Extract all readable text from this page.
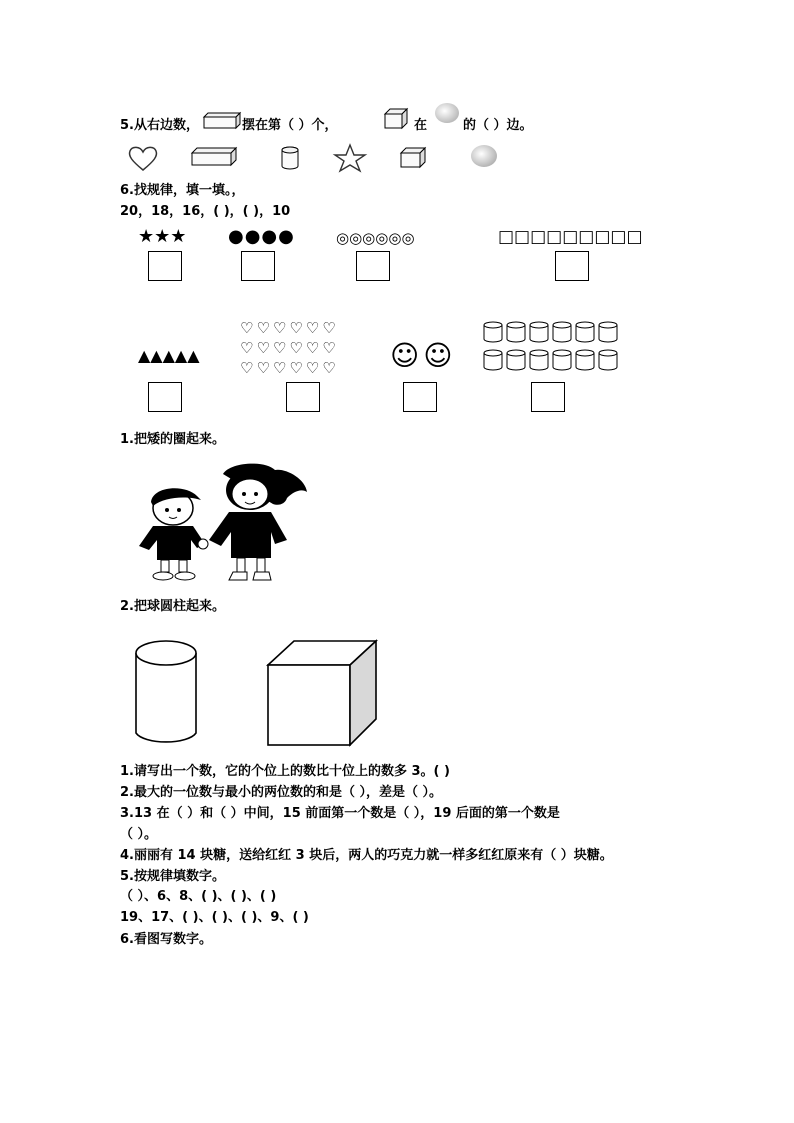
5.从右边数，	摆在第（ ）个，	在	的（ ）边。
6.找规律，填一填。，
20，18，16，( )，( )，10
★★★ ●●●●	◎◎◎◎◎◎	□□□□□□□□□
▲▲▲▲▲
♡♡♡♡♡♡
♡♡♡♡♡♡
♡♡♡♡♡♡ ☺☺
1.把矮的圈起来。
2.把球圆柱起来。
1.请写出一个数，它的个位上的数比十位上的数多 3。( )
2.最大的一位数与最小的两位数的和是（ ），差是（ ）。
3.13 在（ ）和（ ）中间，15 前面第一个数是（ ），19 后面的第一个数是
（ ）。
4.丽丽有 14 块糖，送给红红 3 块后，两人的巧克力就一样多红红原来有（ ）块糖。
5.按规律填数字。
（ ）、6、8、( )、( )、( )
19、17、( )、( )、( )、9、( )
6.看图写数字。
